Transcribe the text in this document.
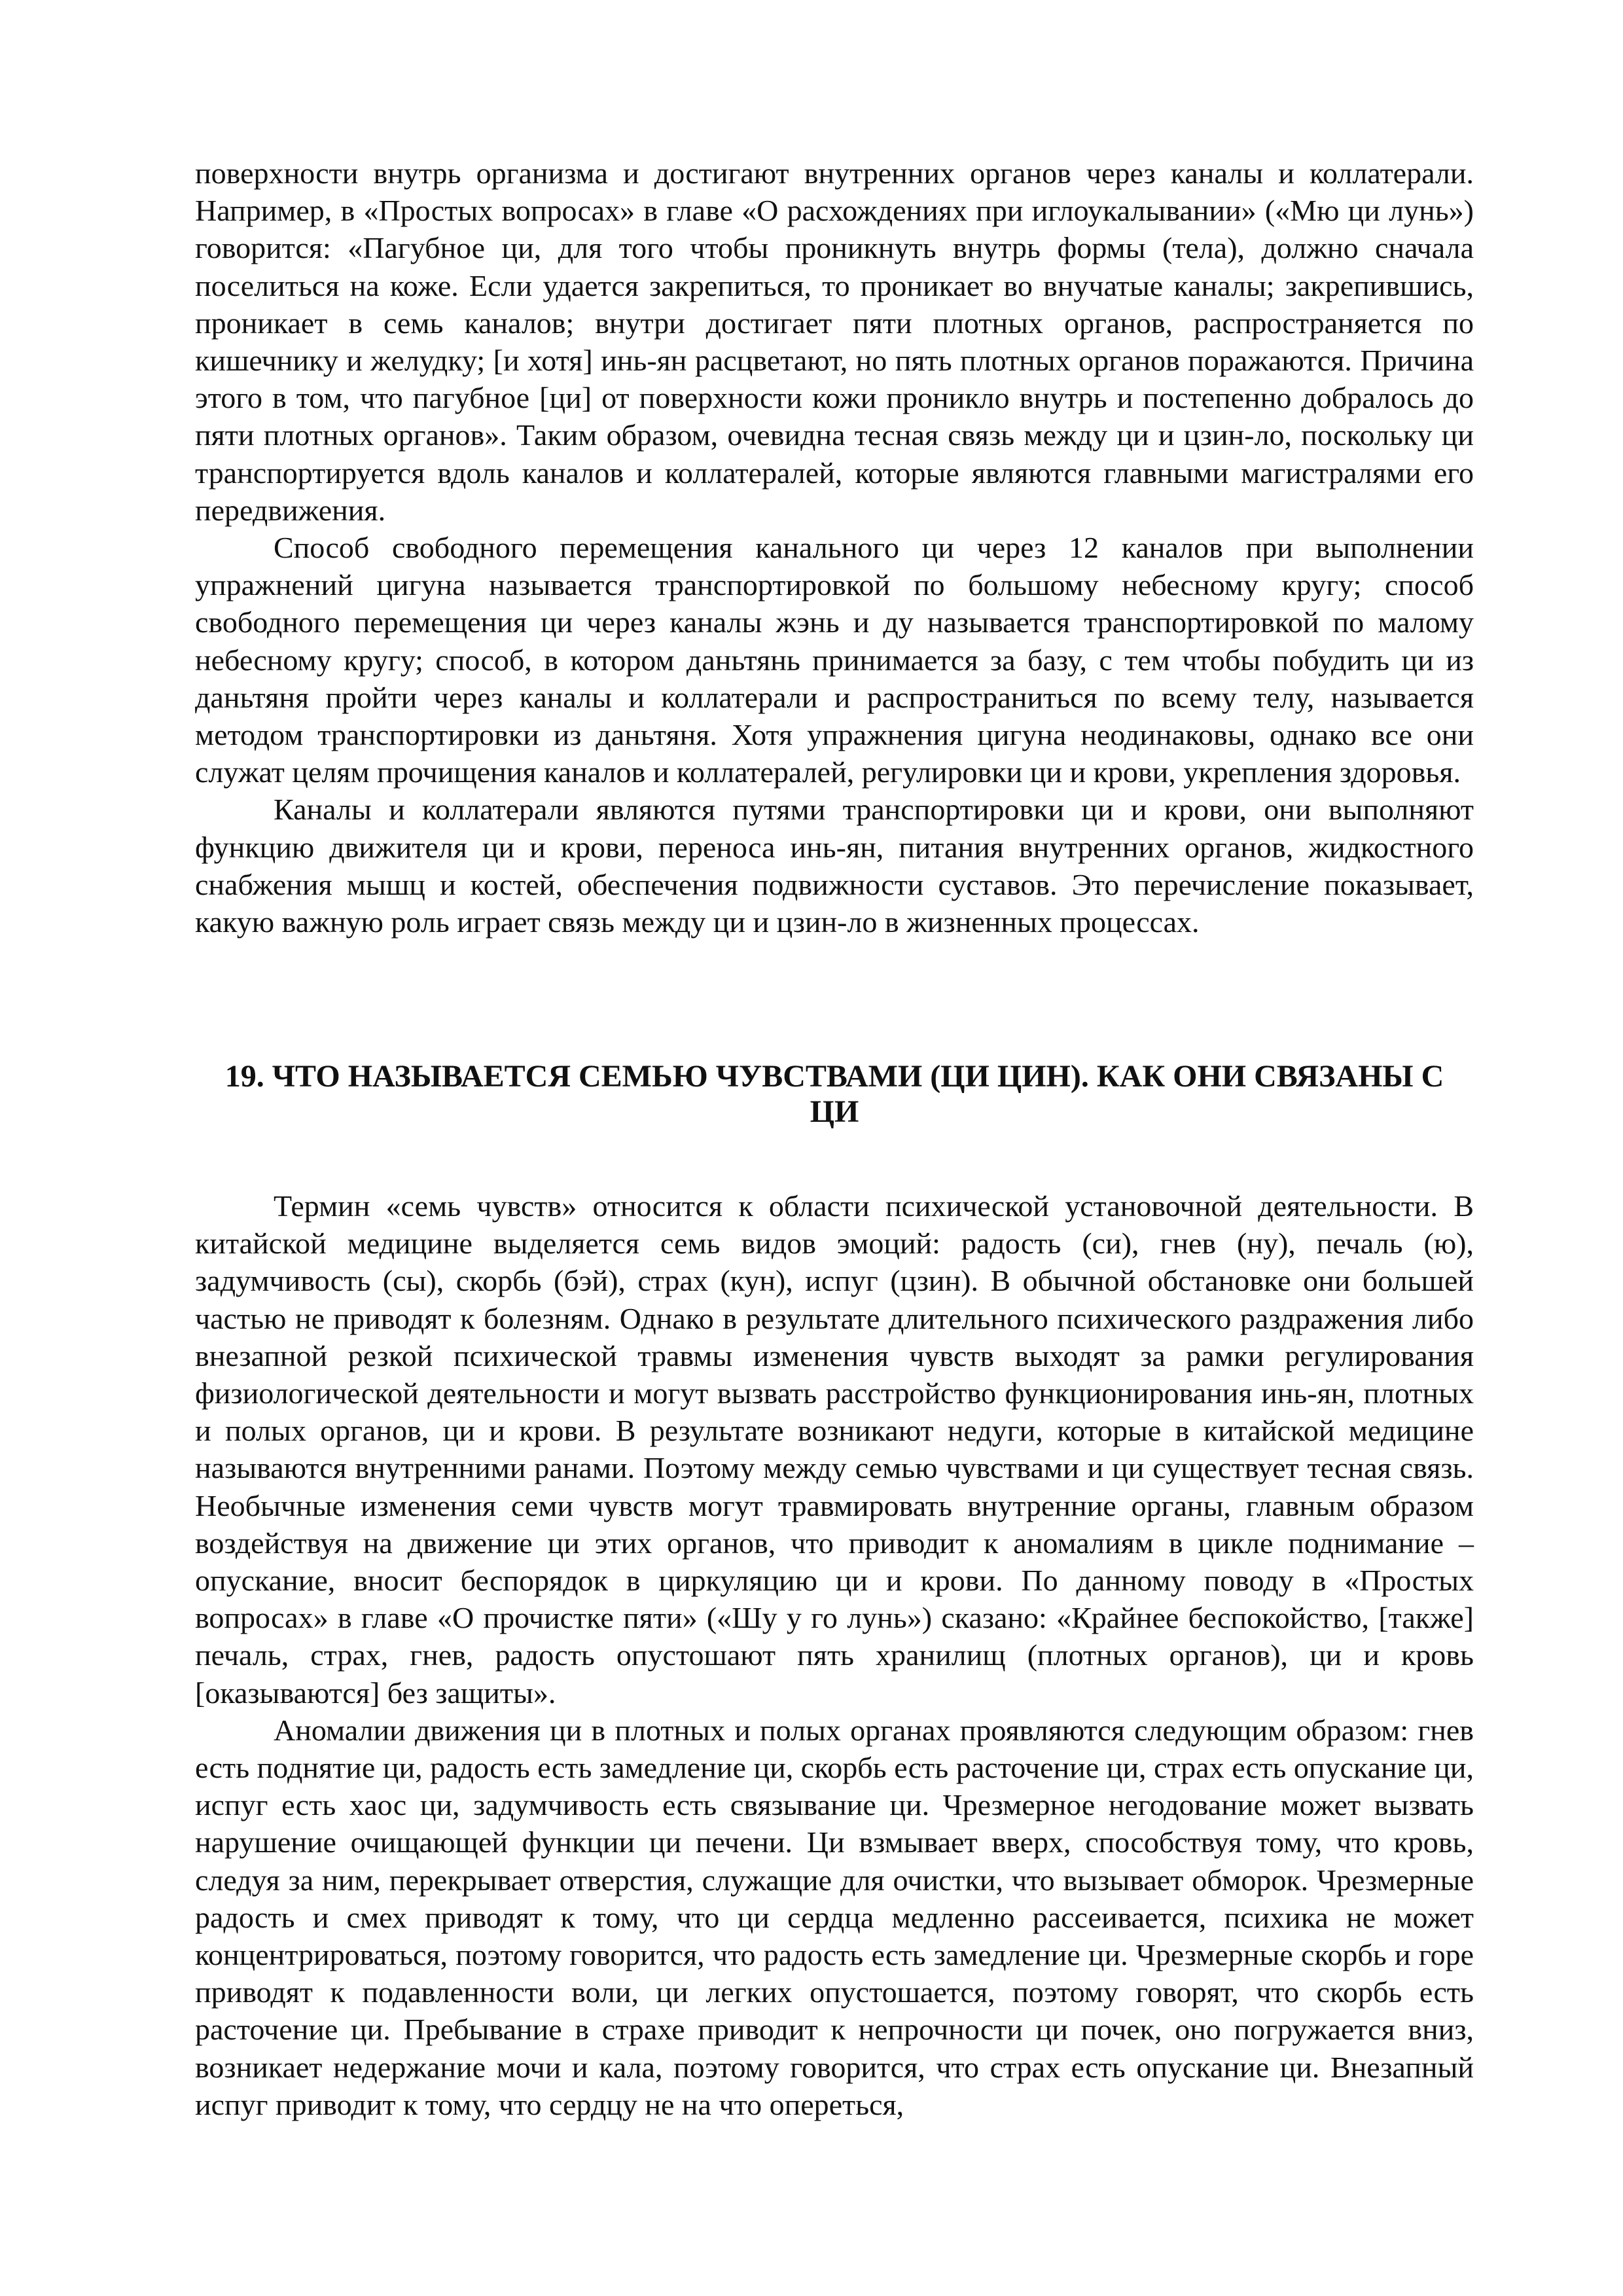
поверхности внутрь организма и достигают внутренних органов через каналы и коллатерали. Например, в «Простых вопросах» в главе «О расхождениях при иглоукалывании» («Мю ци лунь») говорится: «Пагубное ци, для того чтобы проникнуть внутрь формы (тела), должно сначала поселиться на коже. Если удается закрепиться, то проникает во внучатые каналы; закрепившись, проникает в семь каналов; внутри достигает пяти плотных органов, распространяется по кишечнику и желудку; [и хотя] инь-ян расцветают, но пять плотных органов поражаются. Причина этого в том, что пагубное [ци] от поверхности кожи проникло внутрь и постепенно добралось до пяти плотных органов». Таким образом, очевидна тесная связь между ци и цзин-ло, поскольку ци транспортируется вдоль каналов и коллатералей, которые являются главными магистралями его передвижения.

Способ свободного перемещения канального ци через 12 каналов при выполнении упражнений цигуна называется транспортировкой по большому небесному кругу; способ свободного перемещения ци через каналы жэнь и ду называется транспортировкой по малому небесному кругу; способ, в котором даньтянь принимается за базу, с тем чтобы побудить ци из даньтяня пройти через каналы и коллатерали и распространиться по всему телу, называется методом транспортировки из даньтяня. Хотя упражнения цигуна неодинаковы, однако все они служат целям прочищения каналов и коллатералей, регулировки ци и крови, укрепления здоровья.

Каналы и коллатерали являются путями транспортировки ци и крови, они выполняют функцию движителя ци и крови, переноса инь-ян, питания внутренних органов, жидкостного снабжения мышц и костей, обеспечения подвижности суставов. Это перечисление показывает, какую важную роль играет связь между ци и цзин-ло в жизненных процессах.

19. ЧТО НАЗЫВАЕТСЯ СЕМЬЮ ЧУВСТВАМИ (ЦИ ЦИН). КАК ОНИ СВЯЗАНЫ С
ЦИ

Термин «семь чувств» относится к области психической установочной деятельности. В китайской медицине выделяется семь видов эмоций: радость (си), гнев (ну), печаль (ю), задумчивость (сы), скорбь (бэй), страх (кун), испуг (цзин). В обычной обстановке они большей частью не приводят к болезням. Однако в результате длительного психического раздражения либо внезапной резкой психической травмы изменения чувств выходят за рамки регулирования физиологической деятельности и могут вызвать расстройство функционирования инь-ян, плотных и полых органов, ци и крови. В результате возникают недуги, которые в китайской медицине называются внутренними ранами. Поэтому между семью чувствами и ци существует тесная связь. Необычные изменения семи чувств могут травмировать внутренние органы, главным образом воздействуя на движение ци этих органов, что приводит к аномалиям в цикле поднимание – опускание, вносит беспорядок в циркуляцию ци и крови. По данному поводу в «Простых вопросах» в главе «О прочистке пяти» («Шу у го лунь») сказано: «Крайнее беспокойство, [также] печаль, страх, гнев, радость опустошают пять хранилищ (плотных органов), ци и кровь [оказываются] без защиты».

Аномалии движения ци в плотных и полых органах проявляются следующим образом: гнев есть поднятие ци, радость есть замедление ци, скорбь есть расточение ци, страх есть опускание ци, испуг есть хаос ци, задумчивость есть связывание ци. Чрезмерное негодование может вызвать нарушение очищающей функции ци печени. Ци взмывает вверх, способствуя тому, что кровь, следуя за ним, перекрывает отверстия, служащие для очистки, что вызывает обморок. Чрезмерные радость и смех приводят к тому, что ци сердца медленно рассеивается, психика не может концентрироваться, поэтому говорится, что радость есть замедление ци. Чрезмерные скорбь и горе приводят к подавленности воли, ци легких опустошается, поэтому говорят, что скорбь есть расточение ци. Пребывание в страхе приводит к непрочности ци почек, оно погружается вниз, возникает недержание мочи и кала, поэтому говорится, что страх есть опускание ци. Внезапный испуг приводит к тому, что сердцу не на что опереться,
